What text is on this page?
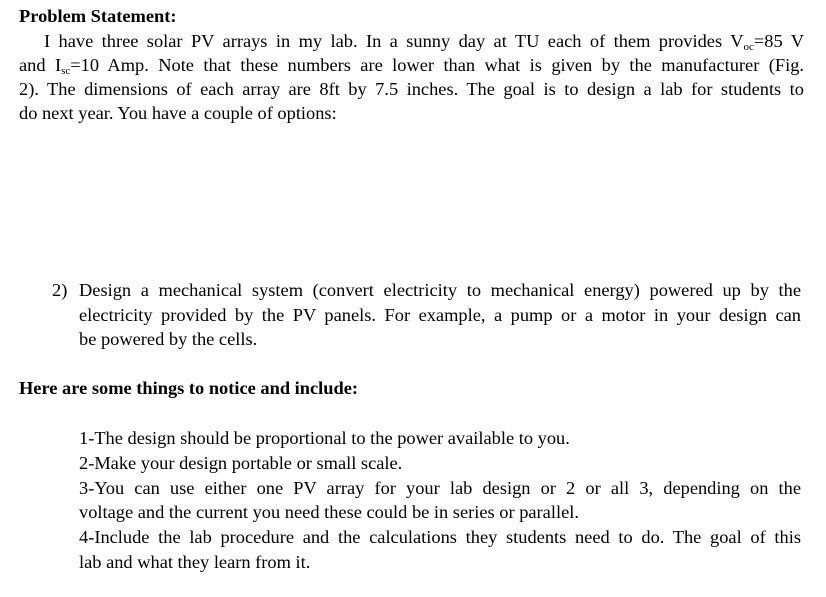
Problem Statement:
I have three solar PV arrays in my lab. In a sunny day at TU each of them provides $V_{oc}=85$ V
and $I_{sc}=10$ Amp. Note that these numbers are lower than what is given by the manufacturer (Fig.
2). The dimensions of each array are 8ft by 7.5 inches. The goal is to design a lab for students to
do next year. You have a couple of options:
2) Design a mechanical system (convert electricity to mechanical energy) powered up by the
electricity provided by the PV panels. For example, a pump or a motor in your design can
be powered by the cells.
Here are some things to notice and include:
1-The design should be proportional to the power available to you.
2-Make your design portable or small scale.
3-You can use either one PV array for your lab design or 2 or all 3, depending on the
voltage and the current you need these could be in series or parallel.
4-Include the lab procedure and the calculations they students need to do. The goal of this
lab and what they learn from it.
